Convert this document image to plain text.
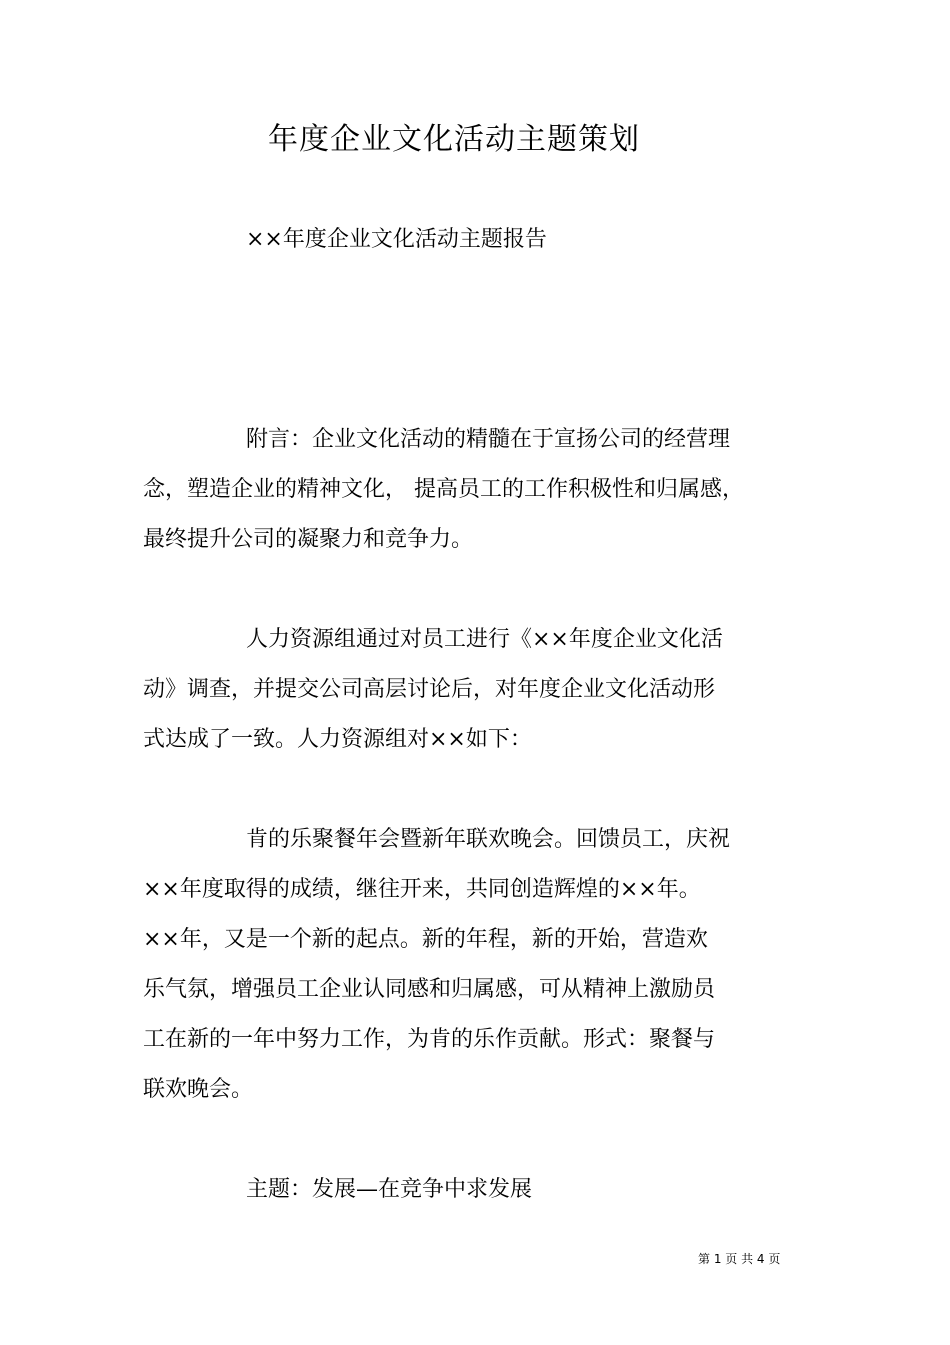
年度企业文化活动主题策划
××年度企业文化活动主题报告
附言：企业文化活动的精髓在于宣扬公司的经营理
念，塑造企业的精神文化， 提高员工的工作积极性和归属感，
最终提升公司的凝聚力和竞争力。
人力资源组通过对员工进行《××年度企业文化活
动》调查，并提交公司高层讨论后，对年度企业文化活动形
式达成了一致。人力资源组对××如下：
肯的乐聚餐年会暨新年联欢晚会。回馈员工，庆祝
××年度取得的成绩，继往开来，共同创造辉煌的××年。
××年，又是一个新的起点。新的年程，新的开始，营造欢
乐气氛，增强员工企业认同感和归属感，可从精神上激励员
工在新的一年中努力工作，为肯的乐作贡献。形式：聚餐与
联欢晚会。
主题：发展—在竞争中求发展
第 1 页 共 4 页
